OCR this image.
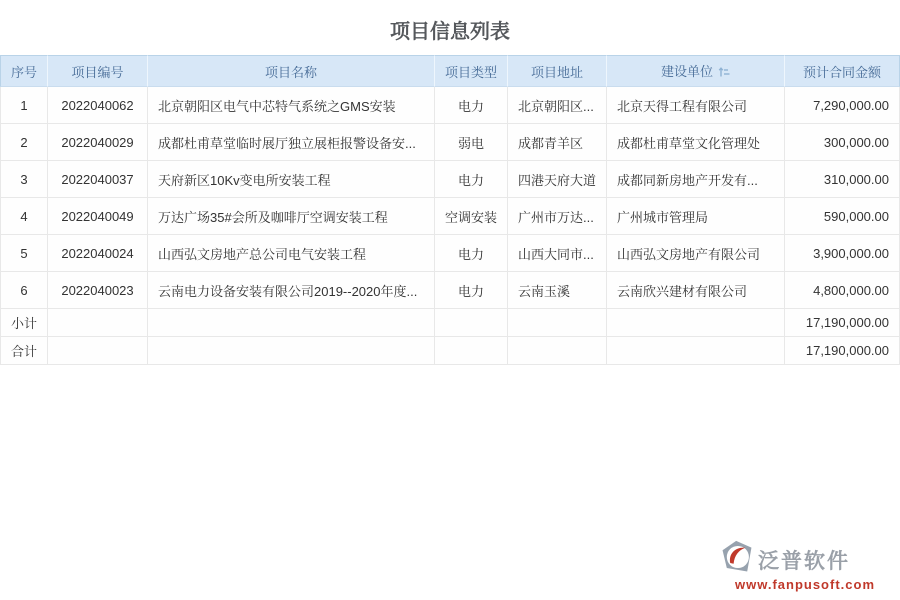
项目信息列表
序号	项目编号	项目名称	项目类型	项目地址	建设单位	预计合同金额
1	2022040062	北京朝阳区电气中芯特气系统之GMS安装	电力	北京朝阳区...	北京天得工程有限公司	7,290,000.00
2	2022040029	成都杜甫草堂临时展厅独立展柜报警设备安...	弱电	成都青羊区	成都杜甫草堂文化管理处	300,000.00
3	2022040037	天府新区10Kv变电所安装工程	电力	四港天府大道	成都同新房地产开发有...	310,000.00
4	2022040049	万达广场35#会所及咖啡厅空调安装工程	空调安装	广州市万达...	广州城市管理局	590,000.00
5	2022040024	山西弘文房地产总公司电气安装工程	电力	山西大同市...	山西弘文房地产有限公司	3,900,000.00
6	2022040023	云南电力设备安装有限公司2019--2020年度...	电力	云南玉溪	云南欣兴建材有限公司	4,800,000.00
小计						17,190,000.00
合计						17,190,000.00
泛普软件
www.fanpusoft.com
